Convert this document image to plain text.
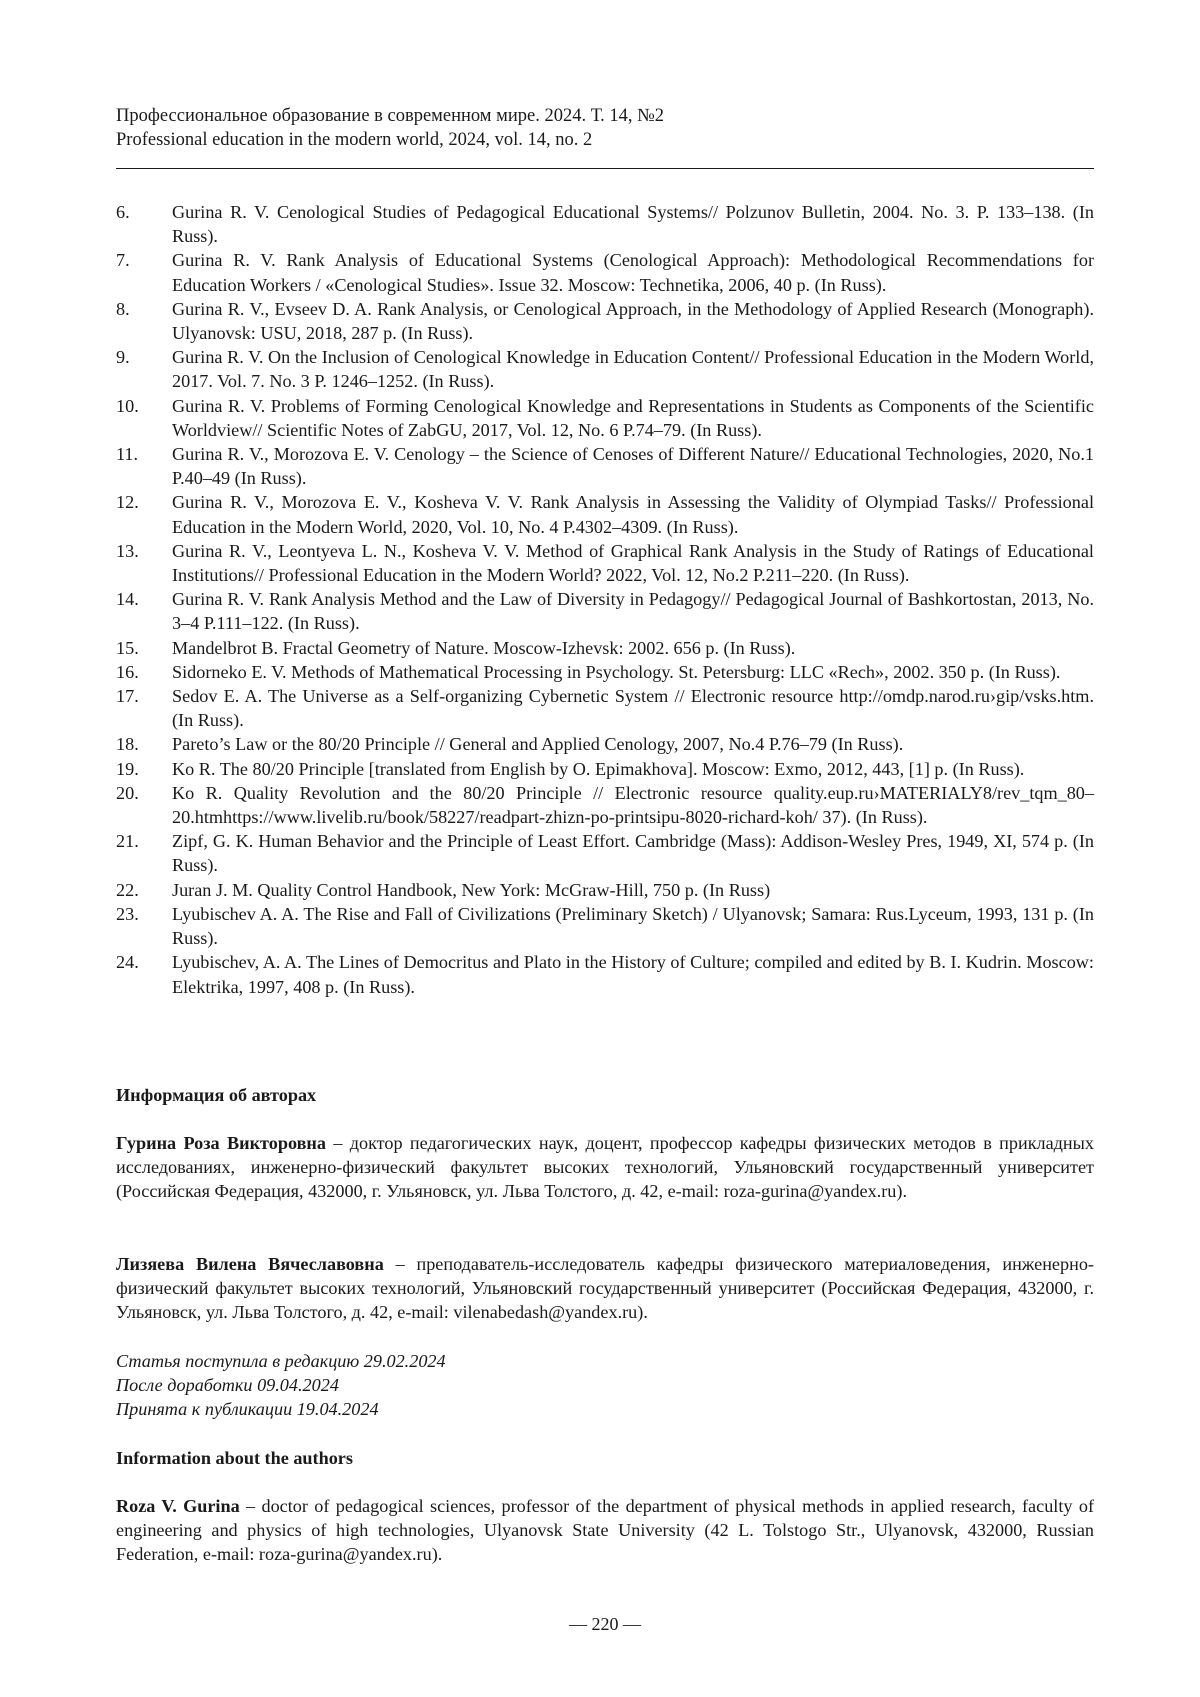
Профессиональное образование в современном мире. 2024. Т. 14, №2
Professional education in the modern world, 2024, vol. 14, no. 2
6. Gurina R. V. Cenological Studies of Pedagogical Educational Systems// Polzunov Bulletin, 2004. No. 3. P. 133–138. (In Russ).
7. Gurina R. V. Rank Analysis of Educational Systems (Cenological Approach): Methodological Recommendations for Education Workers / «Cenological Studies». Issue 32. Moscow: Technetika, 2006, 40 p. (In Russ).
8. Gurina R. V., Evseev D. A. Rank Analysis, or Cenological Approach, in the Methodology of Applied Research (Monograph). Ulyanovsk: USU, 2018, 287 p. (In Russ).
9. Gurina R. V. On the Inclusion of Cenological Knowledge in Education Content// Professional Education in the Modern World, 2017. Vol. 7. No. 3 P. 1246–1252. (In Russ).
10. Gurina R. V. Problems of Forming Cenological Knowledge and Representations in Students as Components of the Scientific Worldview// Scientific Notes of ZabGU, 2017, Vol. 12, No. 6 P.74–79. (In Russ).
11. Gurina R. V., Morozova E. V. Cenology – the Science of Cenoses of Different Nature// Educational Technologies, 2020, No.1 P.40–49 (In Russ).
12. Gurina R. V., Morozova E. V., Kosheva V. V. Rank Analysis in Assessing the Validity of Olympiad Tasks// Professional Education in the Modern World, 2020, Vol. 10, No. 4 P.4302–4309. (In Russ).
13. Gurina R. V., Leontyeva L. N., Kosheva V. V. Method of Graphical Rank Analysis in the Study of Ratings of Educational Institutions// Professional Education in the Modern World? 2022, Vol. 12, No.2 P.211–220. (In Russ).
14. Gurina R. V. Rank Analysis Method and the Law of Diversity in Pedagogy// Pedagogical Journal of Bashkortostan, 2013, No. 3–4 P.111–122. (In Russ).
15. Mandelbrot B. Fractal Geometry of Nature. Moscow-Izhevsk: 2002. 656 p. (In Russ).
16. Sidorneko E. V. Methods of Mathematical Processing in Psychology. St. Petersburg: LLC «Rech», 2002. 350 p. (In Russ).
17. Sedov E. A. The Universe as a Self-organizing Cybernetic System // Electronic resource http://omdp.narod.ru›gip/vsks.htm. (In Russ).
18. Pareto’s Law or the 80/20 Principle // General and Applied Cenology, 2007, No.4 P.76–79 (In Russ).
19. Ko R. The 80/20 Principle [translated from English by O. Epimakhova]. Moscow: Exmo, 2012, 443, [1] p. (In Russ).
20. Ko R. Quality Revolution and the 80/20 Principle // Electronic resource quality.eup.ru›MATERIALY8/rev_tqm_80–20.htmhttps://www.livelib.ru/book/58227/readpart-zhizn-po-printsipu-8020-richard-koh/ 37). (In Russ).
21. Zipf, G. K. Human Behavior and the Principle of Least Effort. Cambridge (Mass): Addison-Wesley Pres, 1949, XI, 574 p. (In Russ).
22. Juran J. M. Quality Control Handbook, New York: McGraw-Hill, 750 p. (In Russ)
23. Lyubischev A. A. The Rise and Fall of Civilizations (Preliminary Sketch) / Ulyanovsk; Samara: Rus.Lyceum, 1993, 131 p. (In Russ).
24. Lyubischev, A. A. The Lines of Democritus and Plato in the History of Culture; compiled and edited by B. I. Kudrin. Moscow: Elektrika, 1997, 408 p. (In Russ).
Информация об авторах
Гурина Роза Викторовна – доктор педагогических наук, доцент, профессор кафедры физических методов в прикладных исследованиях, инженерно-физический факультет высоких технологий, Ульяновский государственный университет (Российская Федерация, 432000, г. Ульяновск, ул. Льва Толстого, д. 42, e-mail: roza-gurina@yandex.ru).
Лизяева Вилена Вячеславовна – преподаватель-исследователь кафедры физического материаловедения, инженерно-физический факультет высоких технологий, Ульяновский государственный университет (Российская Федерация, 432000, г. Ульяновск, ул. Льва Толстого, д. 42, e-mail: vilenabedash@yandex.ru).
Статья поступила в редакцию 29.02.2024
После доработки 09.04.2024
Принята к публикации 19.04.2024
Information about the authors
Roza V. Gurina – doctor of pedagogical sciences, professor of the department of physical methods in applied research, faculty of engineering and physics of high technologies, Ulyanovsk State University (42 L. Tolstogo Str., Ulyanovsk, 432000, Russian Federation, e-mail: roza-gurina@yandex.ru).
— 220 —
